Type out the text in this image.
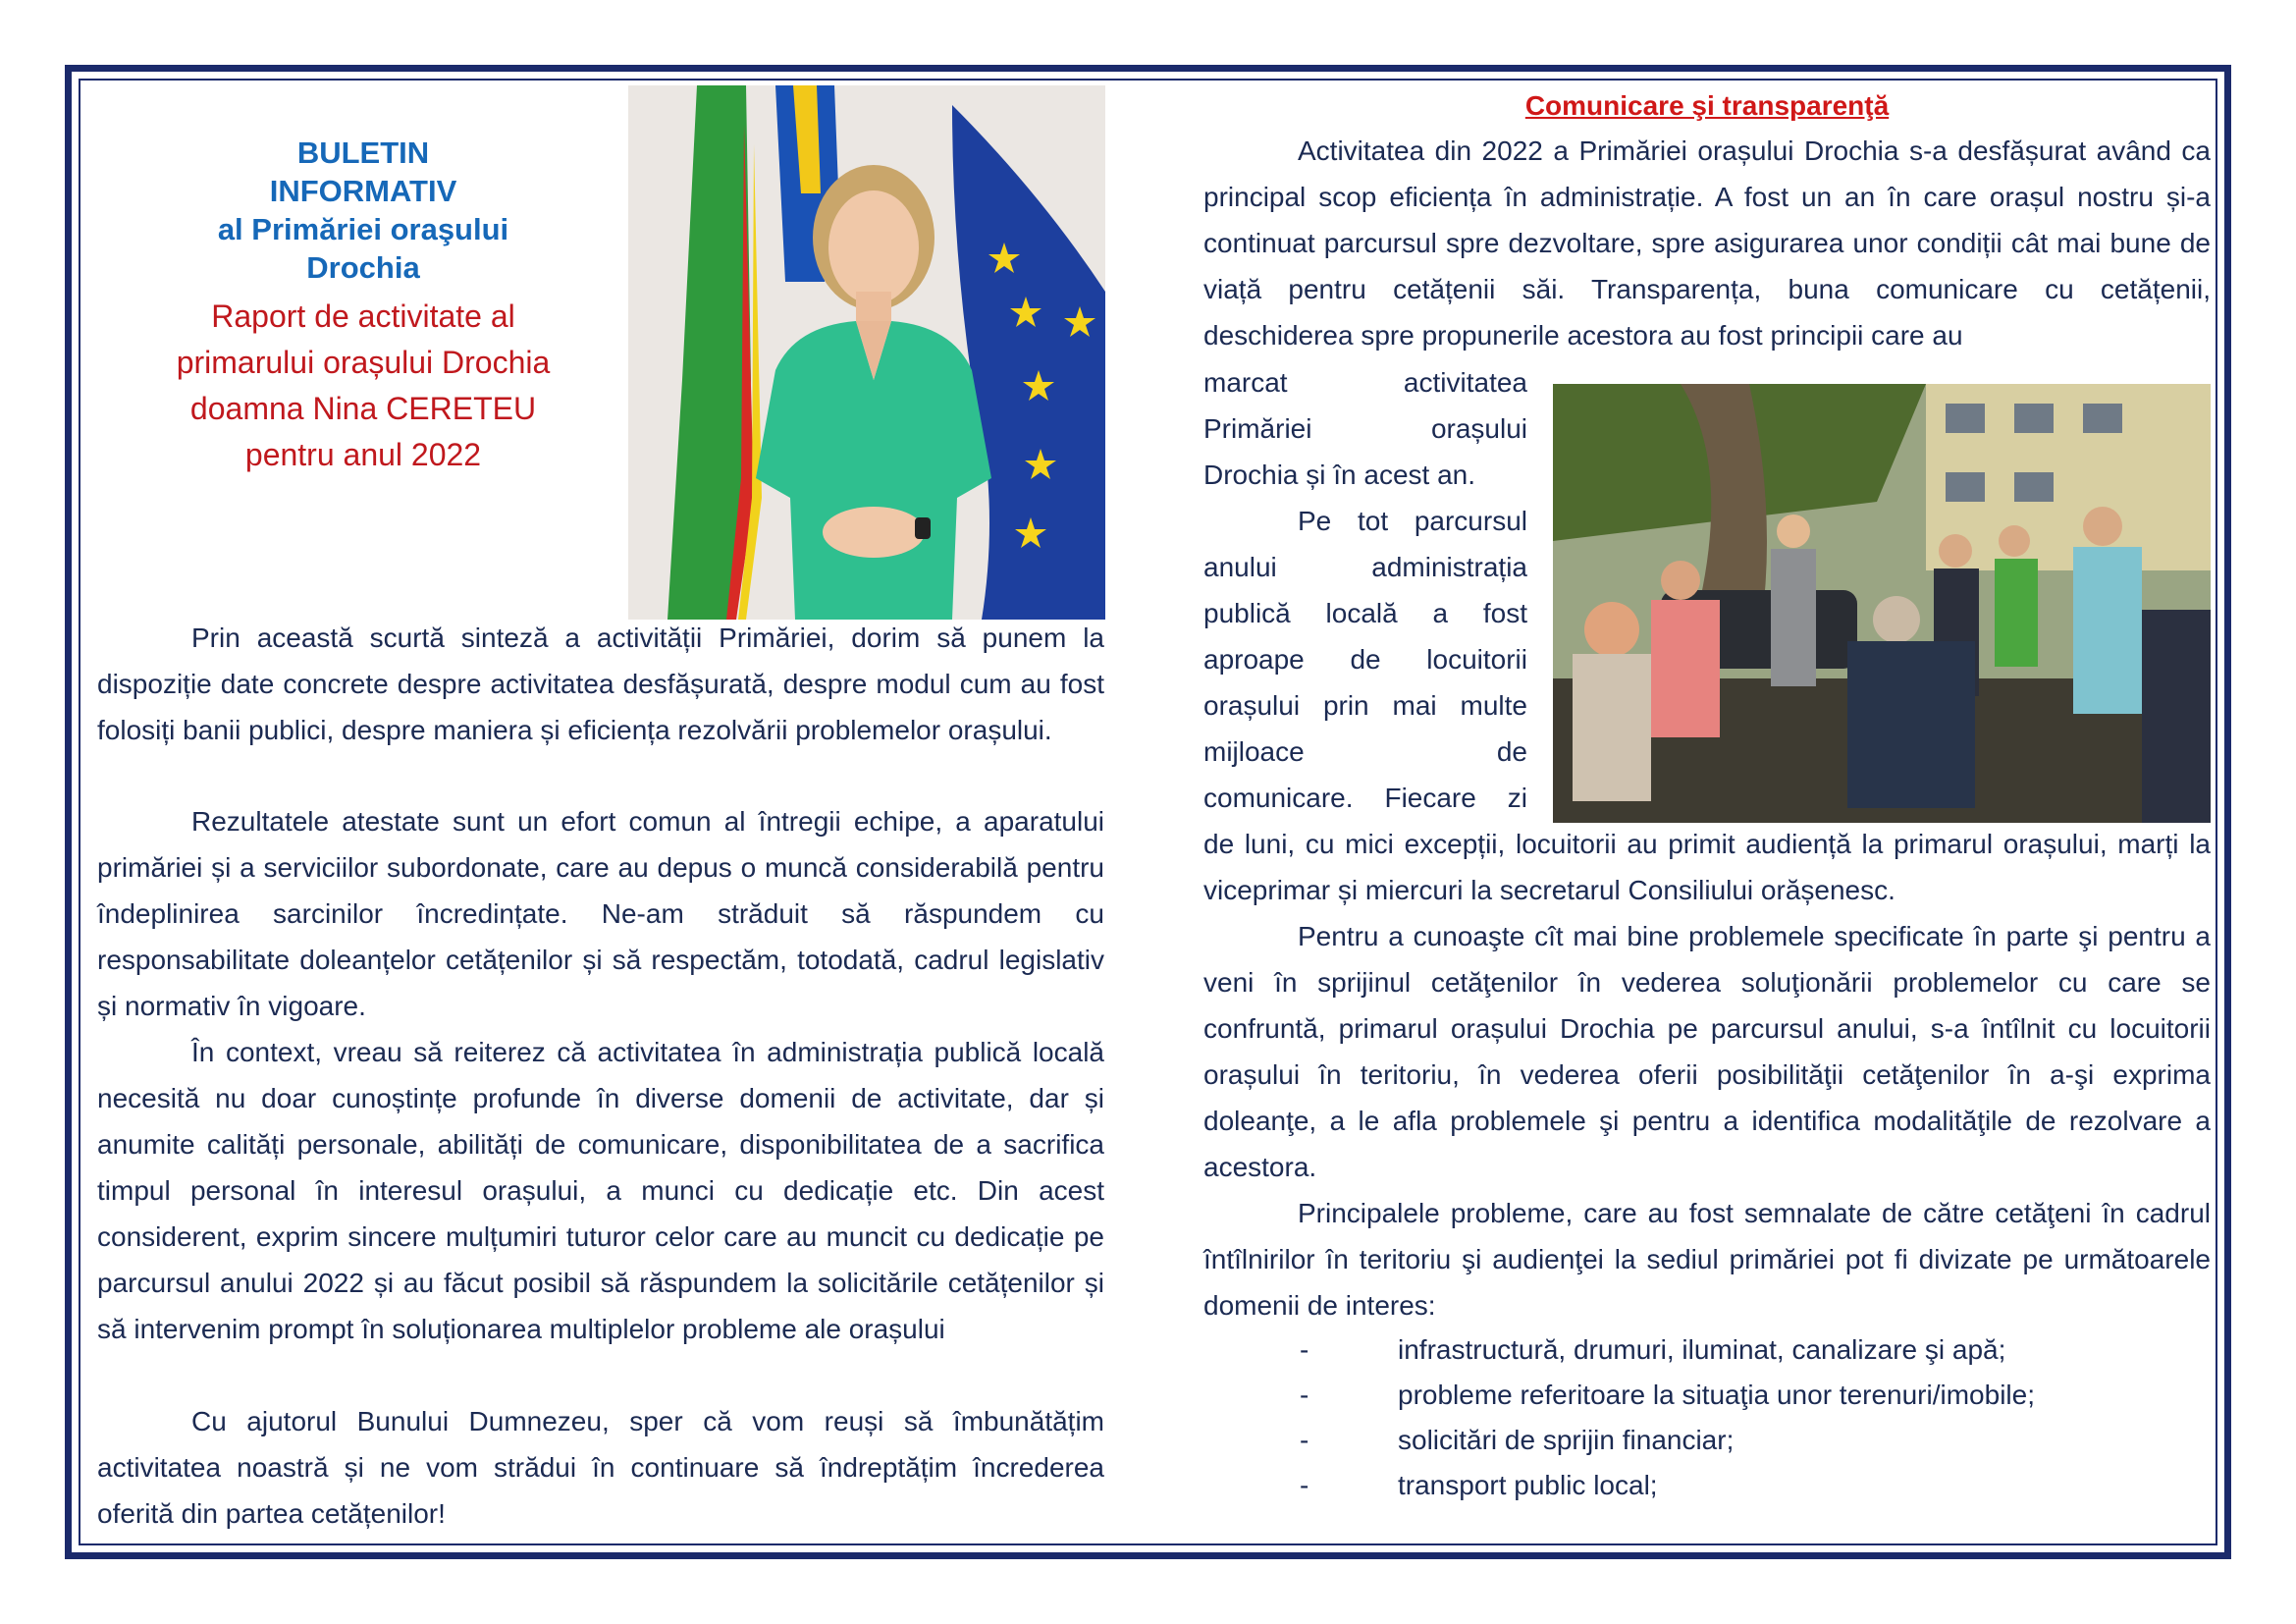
BULETIN
INFORMATIV
al Primăriei oraşului
Drochia
Raport de activitate al
primarului orașului Drochia
doamna Nina CERETEU
pentru anul 2022

Prin această scurtă sinteză a activității Primăriei, dorim să punem la dispoziție date concrete despre activitatea desfășurată, despre modul cum au fost folosiți banii publici, despre maniera și eficiența rezolvării problemelor orașului.

Rezultatele atestate sunt un efort comun al întregii echipe, a aparatului primăriei și a serviciilor subordonate, care au depus o muncă considerabilă pentru îndeplinirea sarcinilor încredințate. Ne-am străduit să răspundem cu responsabilitate doleanțelor cetățenilor și să respectăm, totodată, cadrul legislativ și normativ în vigoare.

În context, vreau să reiterez că activitatea în administrația publică locală necesită nu doar cunoștințe profunde în diverse domenii de activitate, dar și anumite calități personale, abilități de comunicare, disponibilitatea de a sacrifica timpul personal în interesul orașului, a munci cu dedicație etc. Din acest considerent, exprim sincere mulțumiri tuturor celor care au muncit cu dedicație pe parcursul anului 2022 și au făcut posibil să răspundem la solicitările cetățenilor și să intervenim prompt în soluționarea multiplelor probleme ale orașului

Cu ajutorul Bunului Dumnezeu, sper că vom reuși să îmbunătățim activitatea noastră și ne vom strădui în continuare să îndreptățim încrederea oferită din partea cetățenilor!

Comunicare şi transparenţă

Activitatea din 2022 a Primăriei orașului Drochia s-a desfășurat având ca principal scop eficiența în administrație. A fost un an în care orașul nostru și-a continuat parcursul spre dezvoltare, spre asigurarea unor condiții cât mai bune de viață pentru cetățenii săi. Transparența, buna comunicare cu cetățenii, deschiderea spre propunerile acestora au fost principii care au

marcat activitatea

Primăriei orașului

Drochia și în acest an.

Pe tot parcursul

anului administrația

publică locală a fost

aproape de locuitorii

orașului prin mai multe

mijloace de

comunicare. Fiecare zi

de luni, cu mici excepții, locuitorii au primit audiență la primarul orașului, marți la viceprimar și miercuri la secretarul Consiliului orășenesc.

Pentru a cunoaşte cît mai bine problemele specificate în parte şi pentru a veni în sprijinul cetăţenilor în vederea soluţionării problemelor cu care se confruntă, primarul orașului Drochia pe parcursul anului, s-a întîlnit cu locuitorii orașului în teritoriu, în vederea oferii posibilităţii cetăţenilor în a-şi exprima doleanţe, a le afla problemele şi pentru a identifica modalităţile de rezolvare a acestora.

Principalele probleme, care au fost semnalate de către cetăţeni în cadrul întîlnirilor în teritoriu şi audienţei la sediul primăriei pot fi divizate pe următoarele domenii de interes:

-	infrastructură, drumuri, iluminat, canalizare şi apă;
-	probleme referitoare la situaţia unor terenuri/imobile;
-	solicitări de sprijin financiar;
-	transport public local;
